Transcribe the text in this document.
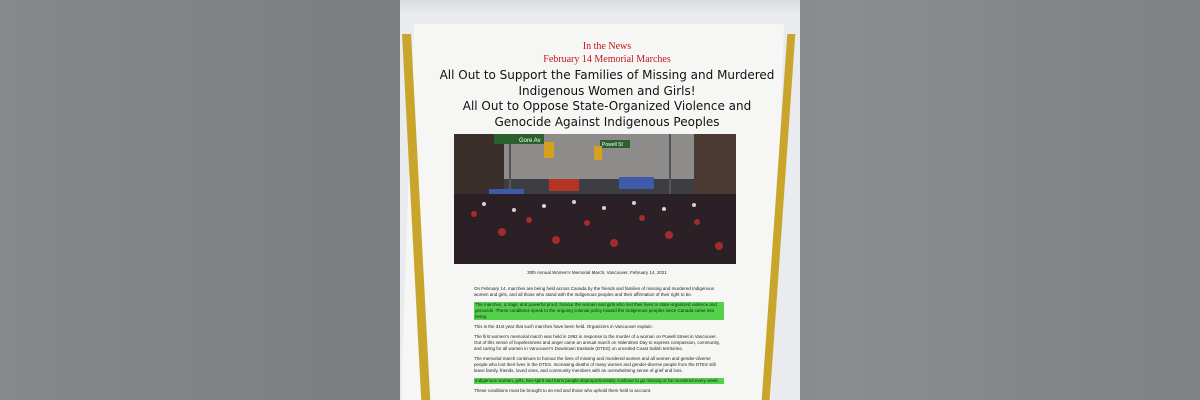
In the News
February 14 Memorial Marches
All Out to Support the Families of Missing and Murdered
Indigenous Women and Girls!
All Out to Oppose State-Organized Violence and
Genocide Against Indigenous Peoples
Gore Av
Powell St
30th Annual Women's Memorial March, Vancouver, February 14, 2021

On February 14, marches are being held across Canada by the friends and families of missing and murdered Indigenous women and girls, and all those who stand with the Indigenous peoples and their affirmation of their right to be.

The marches, a tragic and powerful proof, honour the women and girls who lost their lives to state-organized violence and genocide. These conditions speak to the ongoing colonial policy toward the Indigenous peoples since Canada came into being.

This is the 31st year that such marches have been held. Organizers in Vancouver explain:

The first women's memorial march was held in 1992 in response to the murder of a woman on Powell Street in Vancouver. Out of this sense of hopelessness and anger came an annual march on Valentines Day to express compassion, community, and caring for all women in Vancouver's Downtown Eastside (DTES) on unceded Coast Salish territories.

The memorial march continues to honour the lives of missing and murdered women and all women and gender-diverse people who lost their lives in the DTES. Increasing deaths of many women and gender-diverse people from the DTES still leave family, friends, loved ones, and community members with an overwhelming sense of grief and loss.

Indigenous women, girls, two-spirit and trans people disproportionately continue to go missing or be murdered every week.

These conditions must be brought to an end and those who uphold them held to account.
